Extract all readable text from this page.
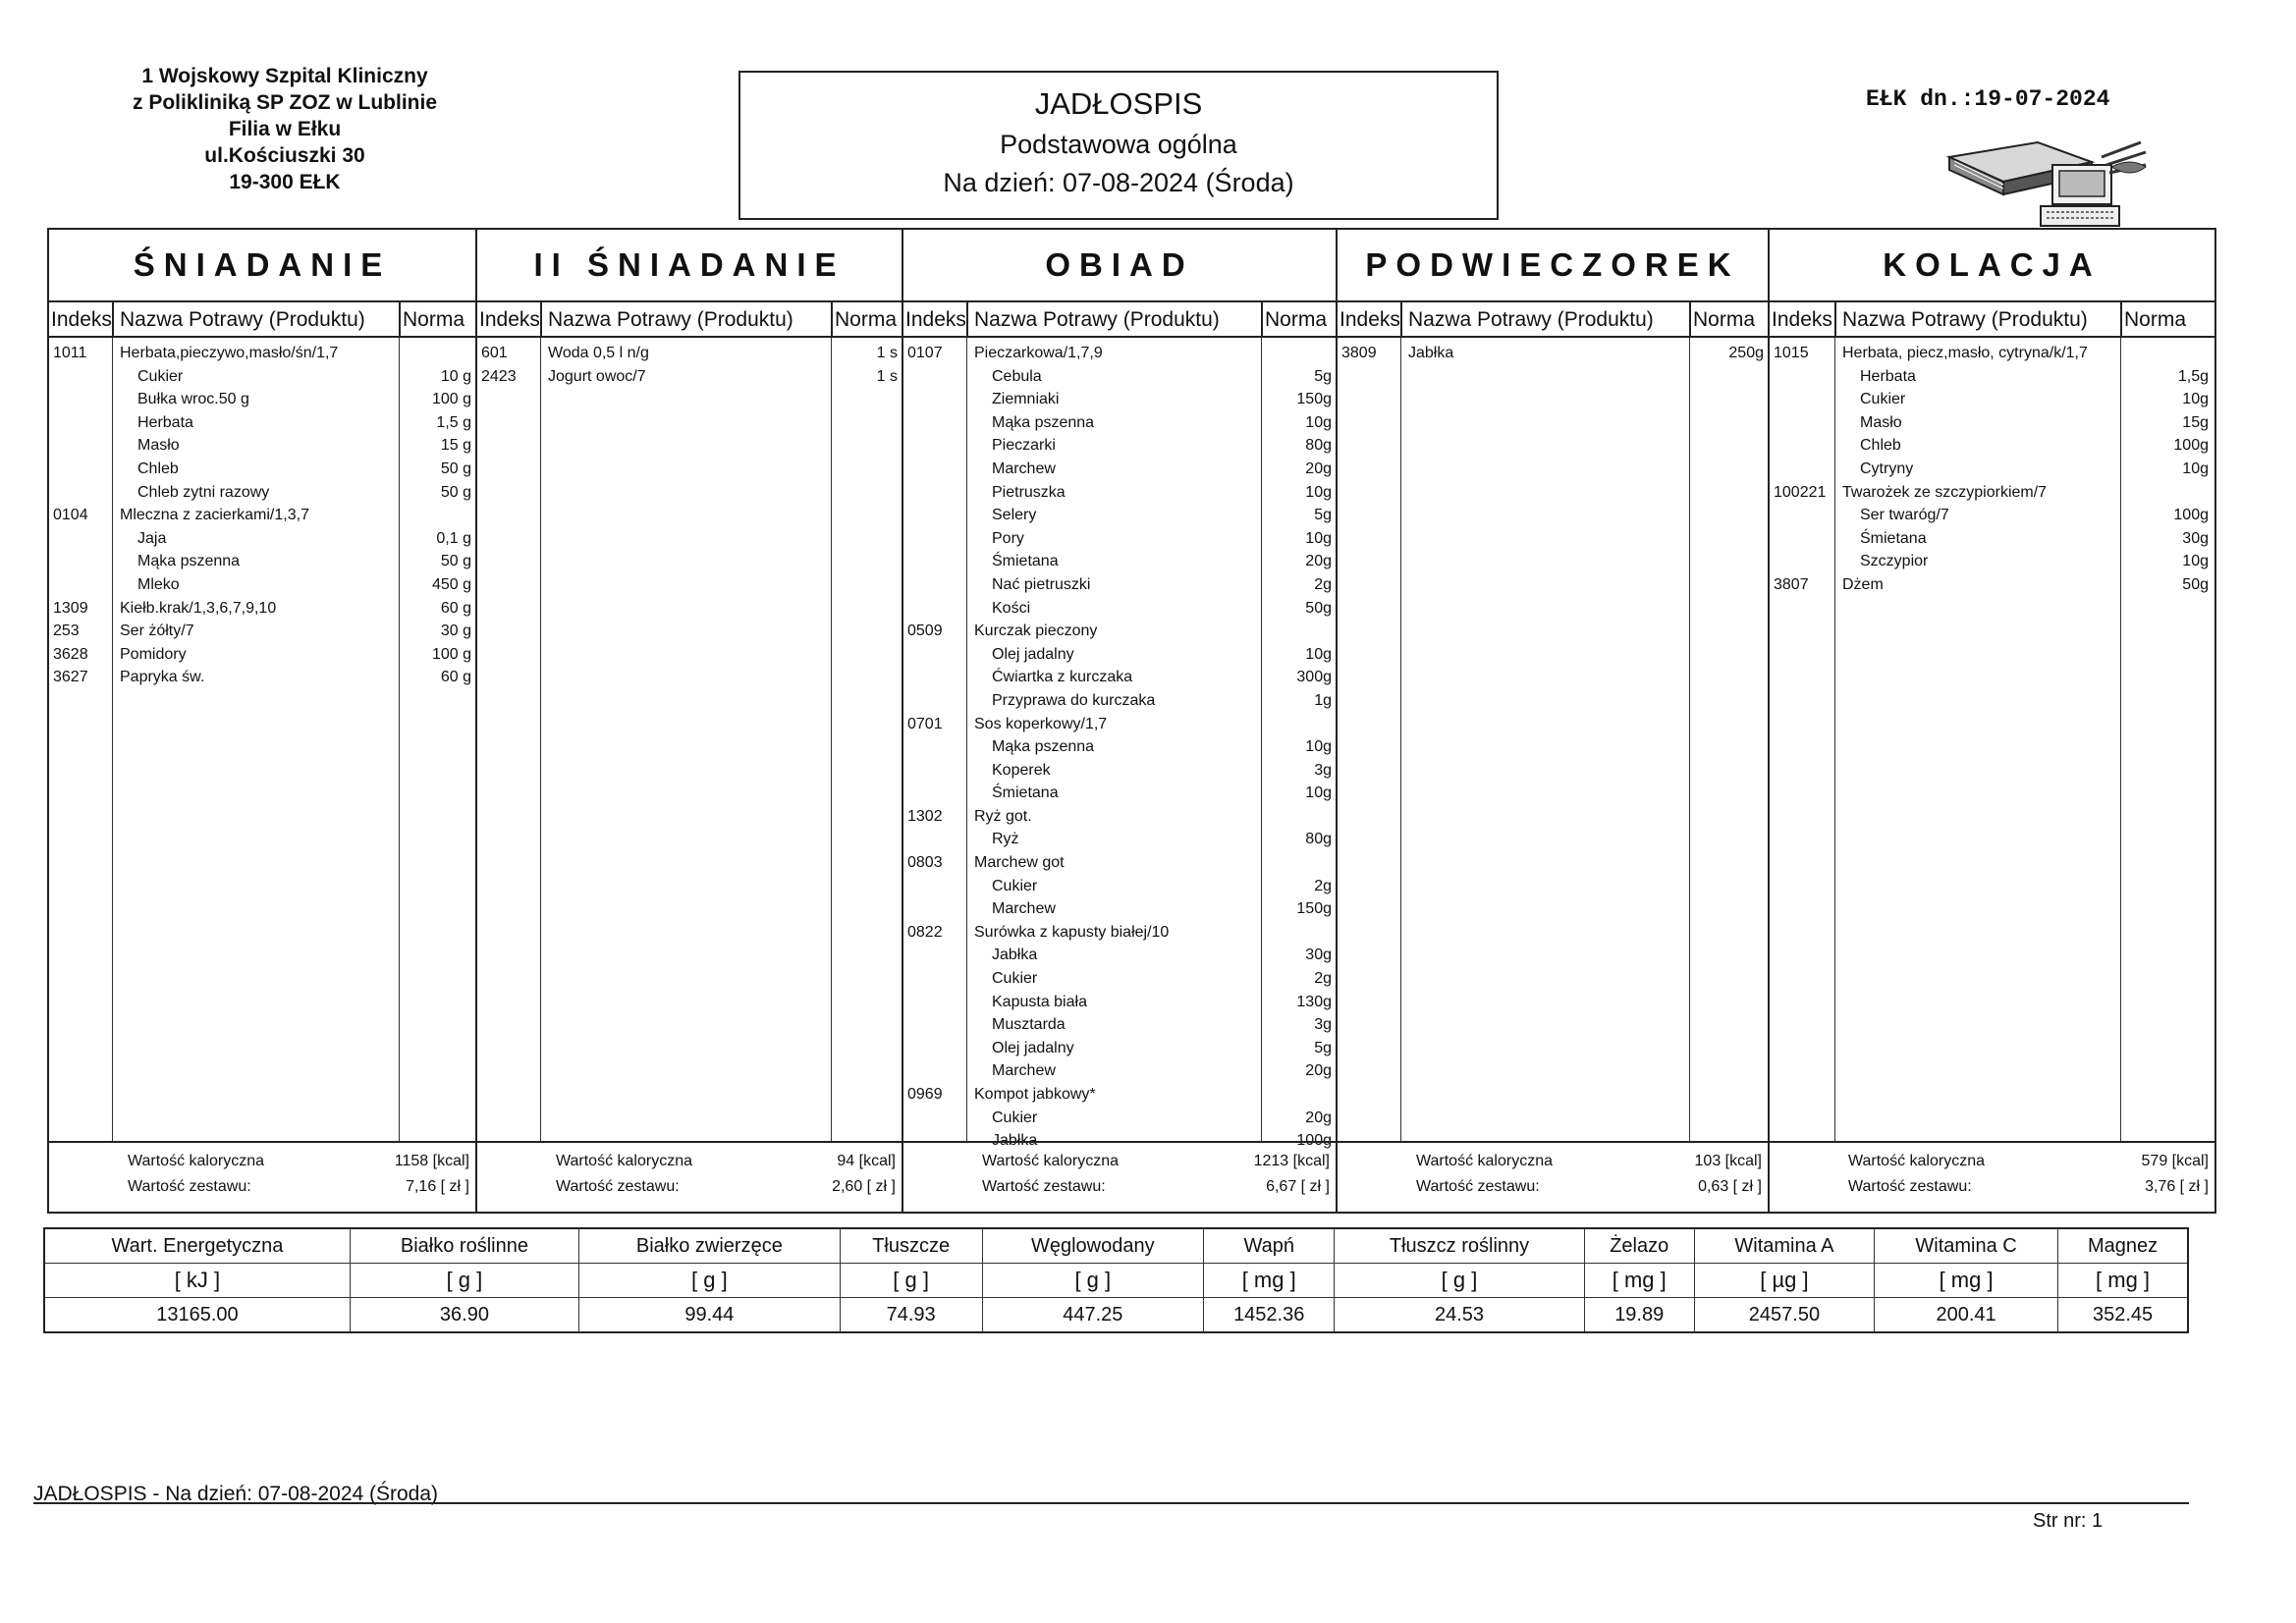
1 Wojskowy Szpital Kliniczny
z Polikliniką SP ZOZ w Lublinie
Filia w Ełku
ul.Kościuszki 30
19-300 EŁK
JADŁOSPIS
Podstawowa ogólna
Na dzień: 07-08-2024 (Środa)
EŁK dn.:19-07-2024
ŚNIADANIE
Indeks Nazwa Potrawy (Produktu) Norma
1011 Herbata,pieczywo,masło/śn/1,7
Cukier	10 g
Bułka wroc.50 g	100 g
Herbata	1,5 g
Masło	15 g
Chleb	50 g
Chleb zytni razowy	50 g
0104 Mleczna z zacierkami/1,3,7
Jaja	0,1 g
Mąka pszenna	50 g
Mleko	450 g
1309 Kiełb.krak/1,3,6,7,9,10	60 g
253	Ser żółty/7	30 g
3628 Pomidory	100 g
3627 Papryka św.	60 g
Wartość kaloryczna	1158 [kcal]
Wartość zestawu:	7,16 [ zł ]
II ŚNIADANIE
Indeks Nazwa Potrawy (Produktu) Norma
601	Woda 0,5 l n/g	1 s
2423 Jogurt owoc/7	1 s
Wartość kaloryczna	94 [kcal]
Wartość zestawu:	2,60 [ zł ]
OBIAD
Indeks Nazwa Potrawy (Produktu) Norma
0107 Pieczarkowa/1,7,9
Cebula	5g
Ziemniaki	150g
Mąka pszenna	10g
Pieczarki	80g
Marchew	20g
Pietruszka	10g
Selery	5g
Pory	10g
Śmietana	20g
Nać pietruszki	2g
Kości	50g
0509 Kurczak pieczony
Olej jadalny	10g
Ćwiartka z kurczaka	300g
Przyprawa do kurczaka	1g
0701 Sos koperkowy/1,7
Mąka pszenna	10g
Koperek	3g
Śmietana	10g
1302 Ryż got.
Ryż	80g
0803 Marchew got
Cukier	2g
Marchew	150g
0822 Surówka z kapusty białej/10
Jabłka	30g
Cukier	2g
Kapusta biała	130g
Musztarda	3g
Olej jadalny	5g
Marchew	20g
0969 Kompot jabkowy*
Cukier	20g
Jabłka	100g
Wartość kaloryczna	1213 [kcal]
Wartość zestawu:	6,67 [ zł ]
PODWIECZOREK
Indeks Nazwa Potrawy (Produktu) Norma
3809 Jabłka	250g
Wartość kaloryczna	103 [kcal]
Wartość zestawu:	0,63 [ zł ]
KOLACJA
Indeks Nazwa Potrawy (Produktu) Norma
1015 Herbata, piecz,masło, cytryna/k/1,7
Herbata	1,5g
Cukier	10g
Masło	15g
Chleb	100g
Cytryny	10g
100221 Twarożek ze szczypiorkiem/7
Ser twaróg/7	100g
Śmietana	30g
Szczypior	10g
3807 Dżem	50g
Wartość kaloryczna	579 [kcal]
Wartość zestawu:	3,76 [ zł ]
Wart. Energetyczna	Białko roślinne	Białko zwierzęce	Tłuszcze	Węglowodany	Wapń	Tłuszcz roślinny	Żelazo	Witamina A	Witamina C	Magnez
[ kJ ]	[ g ]	[ g ]	[ g ]	[ g ]	[ mg ]	[ g ]	[ mg ]	[ µg ]	[ mg ]	[ mg ]
13165.00	36.90	99.44	74.93	447.25	1452.36	24.53	19.89	2457.50	200.41	352.45
JADŁOSPIS - Na dzień: 07-08-2024 (Środa)
Str nr: 1
